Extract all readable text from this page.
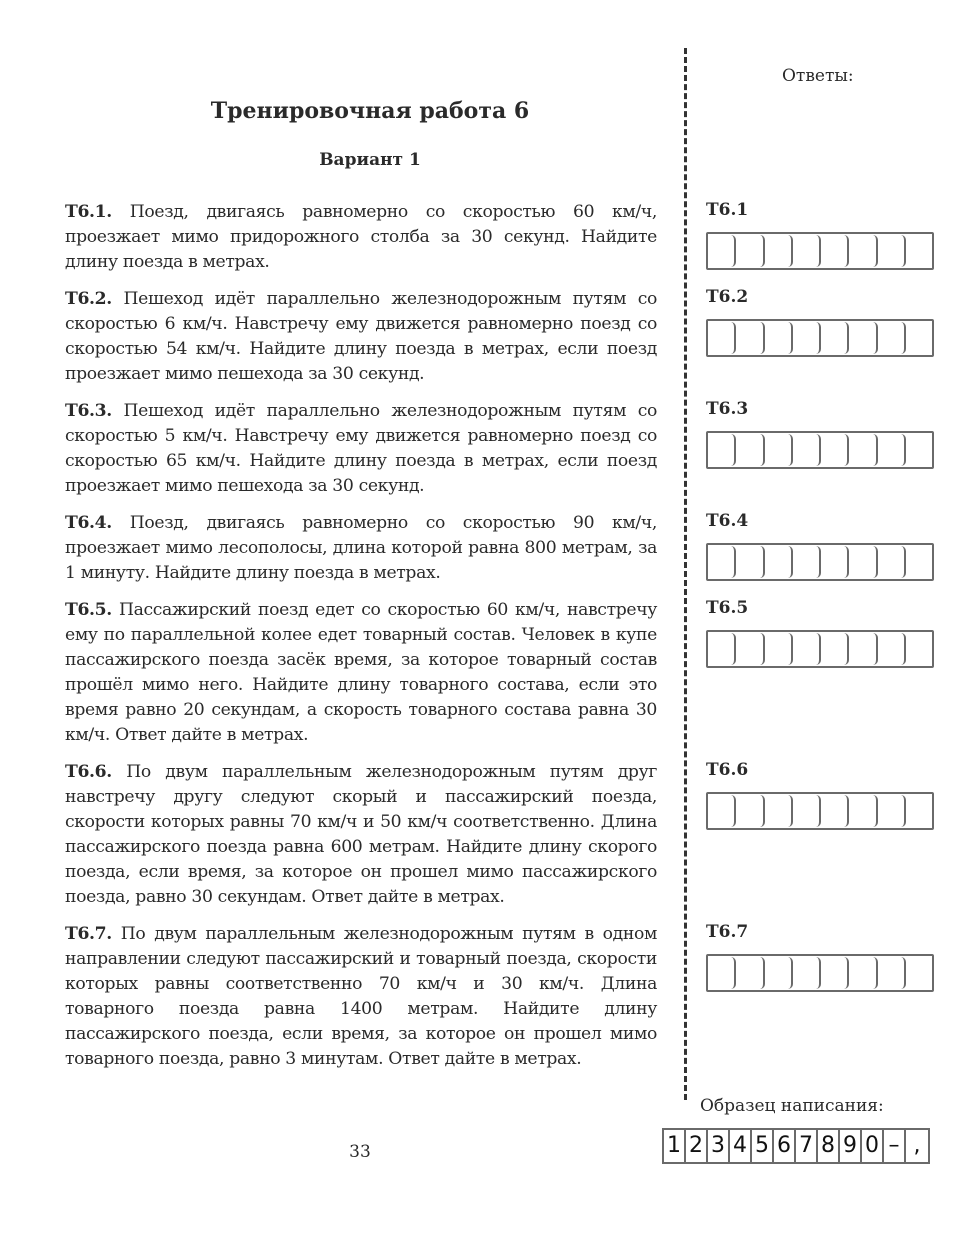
Тренировочная работа 6
Вариант 1
Т6.1. Поезд, двигаясь равномерно со скоростью 60 км/ч, проезжает мимо придорожного столба за 30 секунд. Найдите длину поезда в метрах.
Т6.2. Пешеход идёт параллельно железнодорожным путям со скоростью 6 км/ч. Навстречу ему движется равномерно поезд со скоростью 54 км/ч. Найдите длину поезда в метрах, если поезд проезжает мимо пешехода за 30 секунд.
Т6.3. Пешеход идёт параллельно железнодорожным путям со скоростью 5 км/ч. Навстречу ему движется равномерно поезд со скоростью 65 км/ч. Найдите длину поезда в метрах, если поезд проезжает мимо пешехода за 30 секунд.
Т6.4. Поезд, двигаясь равномерно со скоростью 90 км/ч, проезжает мимо лесополосы, длина которой равна 800 метрам, за 1 минуту. Найдите длину поезда в метрах.
Т6.5. Пассажирский поезд едет со скоростью 60 км/ч, навстречу ему по параллельной колее едет товарный состав. Человек в купе пассажирского поезда засёк время, за которое товарный состав прошёл мимо него. Найдите длину товарного состава, если это время равно 20 секундам, а скорость товарного состава равна 30 км/ч. Ответ дайте в метрах.
Т6.6. По двум параллельным железнодорожным путям друг навстречу другу следуют скорый и пассажирский поезда, скорости которых равны 70 км/ч и 50 км/ч соответственно. Длина пассажирского поезда равна 600 метрам. Найдите длину скорого поезда, если время, за которое он прошел мимо пассажирского поезда, равно 30 секундам. Ответ дайте в метрах.
Т6.7. По двум параллельным железнодорожным путям в одном направлении следуют пассажирский и товарный поезда, скорости которых равны соответственно 70 км/ч и 30 км/ч. Длина товарного поезда равна 1400 метрам. Найдите длину пассажирского поезда, если время, за которое он прошел мимо товарного поезда, равно 3 минутам. Ответ дайте в метрах.
Ответы:
Т6.1
Т6.2
Т6.3
Т6.4
Т6.5
Т6.6
Т6.7
Образец написания:
1 2 3 4 5 6 7 8 9 0 – ,
33
